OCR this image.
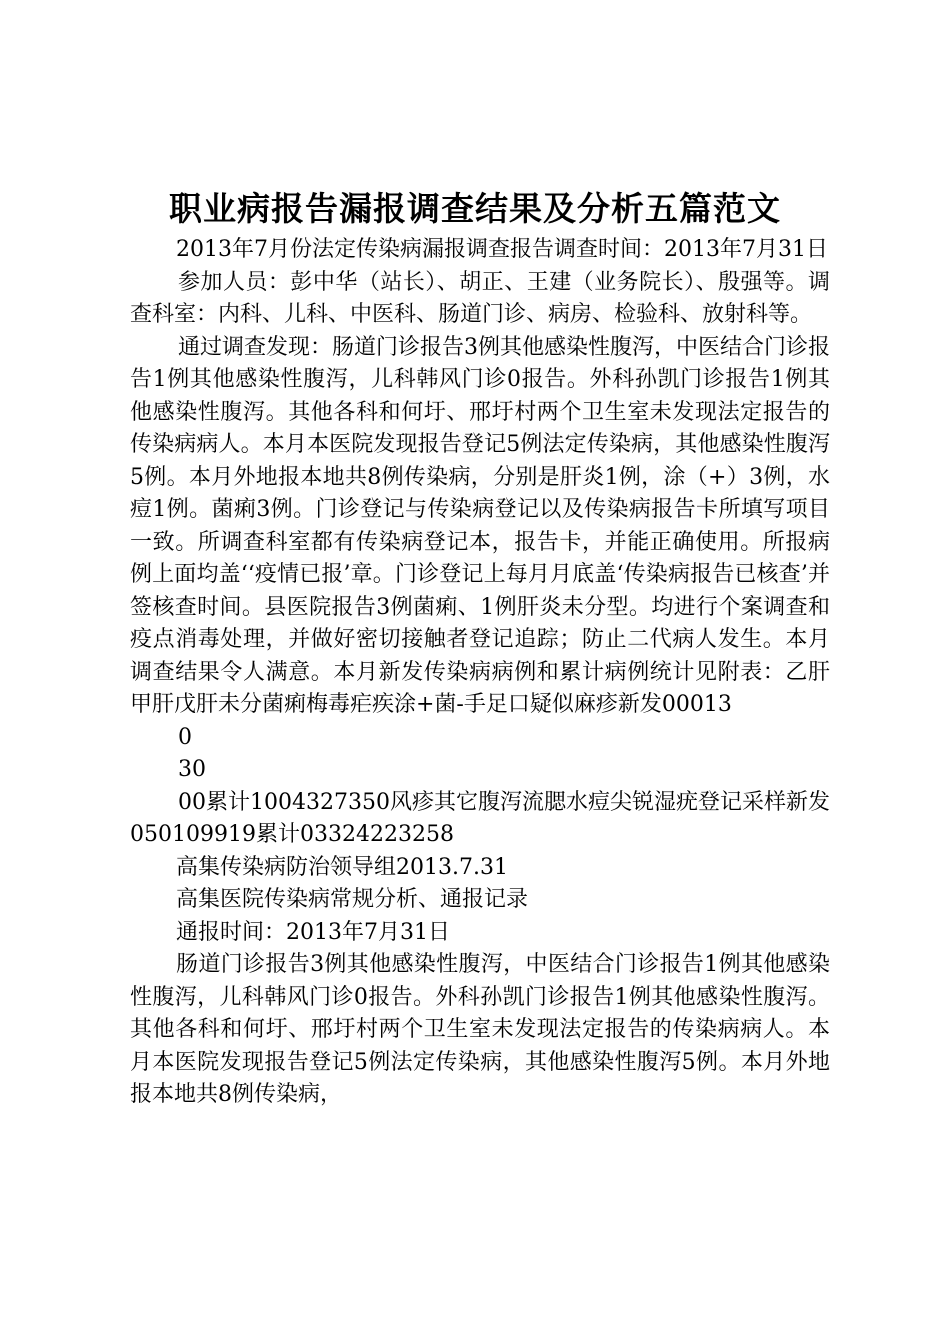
职业病报告漏报调查结果及分析五篇范文

2013年7月份法定传染病漏报调查报告调查时间：2013年7月31日

参加人员：彭中华（站长）、胡正、王建（业务院长）、殷强等。调查科室：内科、儿科、中医科、肠道门诊、病房、检验科、放射科等。

通过调查发现：肠道门诊报告3例其他感染性腹泻，中医结合门诊报告1例其他感染性腹泻，儿科韩风门诊0报告。外科孙凯门诊报告1例其他感染性腹泻。其他各科和何圩、邢圩村两个卫生室未发现法定报告的传染病病人。本月本医院发现报告登记5例法定传染病，其他感染性腹泻5例。本月外地报本地共8例传染病，分别是肝炎1例，涂（+）3例，水痘1例。菌痢3例。门诊登记与传染病登记以及传染病报告卡所填写项目一致。所调查科室都有传染病登记本，报告卡，并能正确使用。所报病例上面均盖‘‘疫情已报’章。门诊登记上每月月底盖‘传染病报告已核查’并签核查时间。县医院报告3例菌痢、1例肝炎未分型。均进行个案调查和疫点消毒处理，并做好密切接触者登记追踪；防止二代病人发生。本月调查结果令人满意。本月新发传染病病例和累计病例统计见附表：乙肝甲肝戊肝未分菌痢梅毒疟疾涂+菌-手足口疑似麻疹新发00013

0

30

00累计1004327350风疹其它腹泻流腮水痘尖锐湿疣登记采样新发050109919累计03324223258

高集传染病防治领导组2013.7.31

高集医院传染病常规分析、通报记录

通报时间：2013年7月31日

肠道门诊报告3例其他感染性腹泻，中医结合门诊报告1例其他感染性腹泻，儿科韩风门诊0报告。外科孙凯门诊报告1例其他感染性腹泻。其他各科和何圩、邢圩村两个卫生室未发现法定报告的传染病病人。本月本医院发现报告登记5例法定传染病，其他感染性腹泻5例。本月外地报本地共8例传染病，
